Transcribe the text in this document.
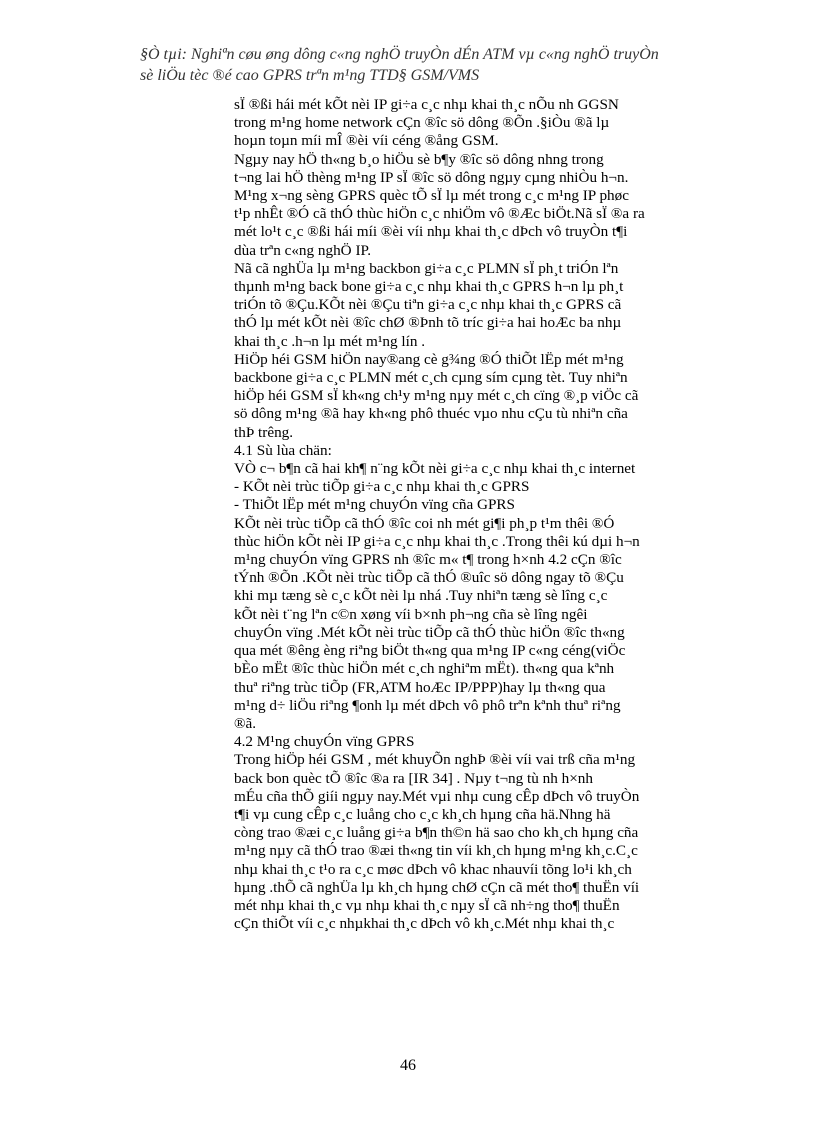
§Ò tµi: Nghiªn cøu øng dông c«ng nghÖ truyÒn dÉn ATM vµ c«ng nghÖ truyÒn
sè liÖu tèc ®é cao GPRS trªn m¹ng TTD§ GSM/VMS
sÏ ®ßi hái mét kÕt nèi IP gi÷a c¸c nhµ khai th¸c nÕu nh GGSN
trong m¹ng home network cÇn ®îc sö dông ®Õn .§iÒu ®ã lµ
hoµn toµn míi mÎ ®èi víi céng ®ång GSM.
Ngµy nay hÖ th«ng b¸o hiÖu sè b¶y ®îc sö dông nhng trong
t¬ng lai hÖ thèng m¹ng IP sÏ ®îc sö dông ngµy cµng nhiÒu h¬n.
M¹ng x¬ng sèng GPRS quèc tÕ sÏ lµ mét trong c¸c m¹ng IP phøc
t¹p nhÊt ®Ó cã thÓ thùc hiÖn c¸c nhiÖm vô ®Æc biÖt.Nã sÏ ®a ra
mét lo¹t c¸c ®ßi hái míi ®èi víi nhµ khai th¸c dÞch vô truyÒn t¶i
dùa trªn c«ng nghÖ IP.
Nã cã nghÜa lµ m¹ng backbon gi÷a c¸c PLMN sÏ ph¸t triÓn lªn
thµnh m¹ng back bone gi÷a c¸c nhµ khai th¸c GPRS h¬n lµ ph¸t
triÓn tõ ®Çu.KÕt nèi ®Çu tiªn gi÷a c¸c nhµ khai th¸c GPRS cã
thÓ lµ mét kÕt nèi ®îc chØ ®Þnh tõ tríc gi÷a hai hoÆc ba nhµ
khai th¸c .h¬n lµ mét m¹ng lín .
HiÖp héi GSM hiÖn nay®ang cè g¾ng ®Ó thiÕt lËp mét m¹ng
backbone gi÷a c¸c PLMN mét c¸ch cµng sím cµng tèt. Tuy nhiªn
hiÖp héi GSM sÏ kh«ng ch¹y m¹ng nµy mét c¸ch cïng ®¸p viÖc cã
sö dông m¹ng ®ã hay kh«ng phô thuéc vµo nhu cÇu tù nhiªn cña
thÞ trêng.
4.1 Sù lùa chän:
VÒ c¬ b¶n cã hai kh¶ n¨ng kÕt nèi gi÷a c¸c nhµ khai th¸c internet
- KÕt nèi trùc tiÕp gi÷a c¸c nhµ khai th¸c GPRS
- ThiÕt lËp mét m¹ng chuyÓn vïng cña GPRS
KÕt nèi trùc tiÕp cã thÓ ®îc coi nh mét gi¶i ph¸p t¹m thêi ®Ó
thùc hiÖn kÕt nèi IP gi÷a c¸c nhµ khai th¸c .Trong thêi kú dµi h¬n
m¹ng chuyÓn vïng GPRS nh ®îc m« t¶ trong h×nh 4.2 cÇn ®îc
tÝnh ®Õn .KÕt nèi trùc tiÕp cã thÓ ®uîc sö dông ngay tõ ®Çu
khi mµ tæng sè c¸c kÕt nèi lµ nhá .Tuy nhiªn tæng sè lîng c¸c
kÕt nèi t¨ng lªn c©n xøng víi b×nh ph¬ng cña sè lîng ngêi
chuyÓn vïng .Mét kÕt nèi trùc tiÕp cã thÓ thùc hiÖn ®îc th«ng
qua mét ®êng èng riªng biÖt th«ng qua m¹ng IP c«ng céng(viÖc
bÈo mËt ®îc thùc hiÖn mét c¸ch nghiªm mËt). th«ng qua kªnh
thuª riªng trùc tiÕp (FR,ATM hoÆc IP/PPP)hay lµ th«ng qua
m¹ng d÷ liÖu riªng ¶onh lµ mét dÞch vô phô trªn kªnh thuª riªng
®ã.
4.2 M¹ng chuyÓn vïng GPRS
Trong hiÖp héi GSM , mét khuyÕn nghÞ ®èi víi vai trß cña m¹ng
back bon quèc tÕ ®îc ®a ra [IR 34] . Nµy t¬ng tù nh h×nh
mÉu cña thÕ giíi ngµy nay.Mét vµi nhµ cung cÊp dÞch vô truyÒn
t¶i vµ cung cÊp c¸c luång cho c¸c kh¸ch hµng cña hä.Nhng hä
còng trao ®æi c¸c luång gi÷a b¶n th©n hä sao cho kh¸ch hµng cña
m¹ng nµy cã thÓ trao ®æi th«ng tin víi kh¸ch hµng m¹ng kh¸c.C¸c
nhµ khai th¸c t¹o ra c¸c møc dÞch vô khac nhauvíi tõng lo¹i kh¸ch
hµng .thÕ cã nghÜa lµ kh¸ch hµng chØ cÇn cã mét tho¶ thuËn víi
mét nhµ khai th¸c vµ nhµ khai th¸c nµy sÏ cã nh÷ng tho¶ thuËn
cÇn thiÕt víi c¸c nhµkhai th¸c dÞch vô kh¸c.Mét nhµ khai th¸c
46
